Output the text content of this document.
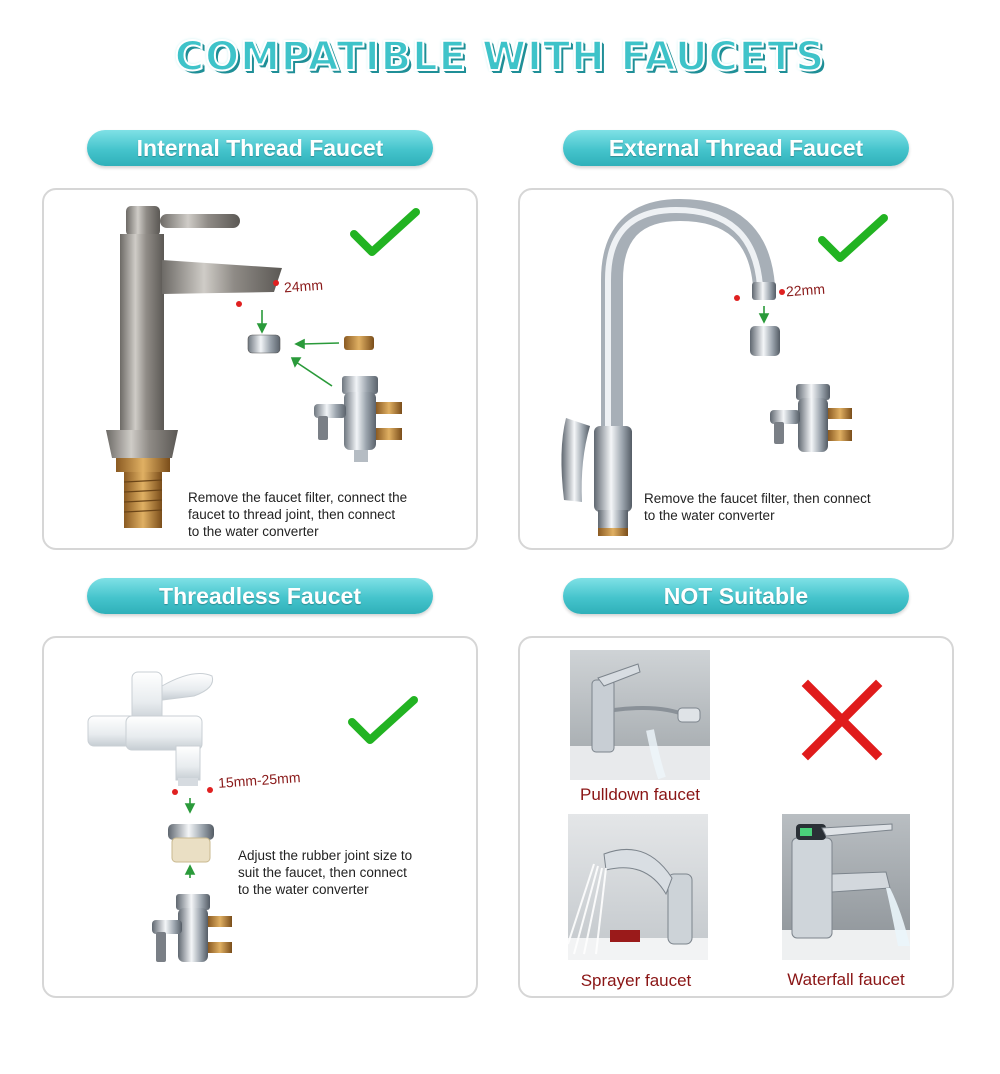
COMPATIBLE WITH FAUCETS
Internal Thread Faucet
24mm
Remove the faucet filter, connect the
faucet to thread joint, then connect
to the water converter
External Thread Faucet
22mm
Remove the faucet filter, then connect
to the water converter
Threadless Faucet
15mm-25mm
Adjust the rubber joint size to
suit the faucet, then connect
to the water converter
NOT Suitable
Pulldown faucet
Sprayer faucet	Waterfall faucet
